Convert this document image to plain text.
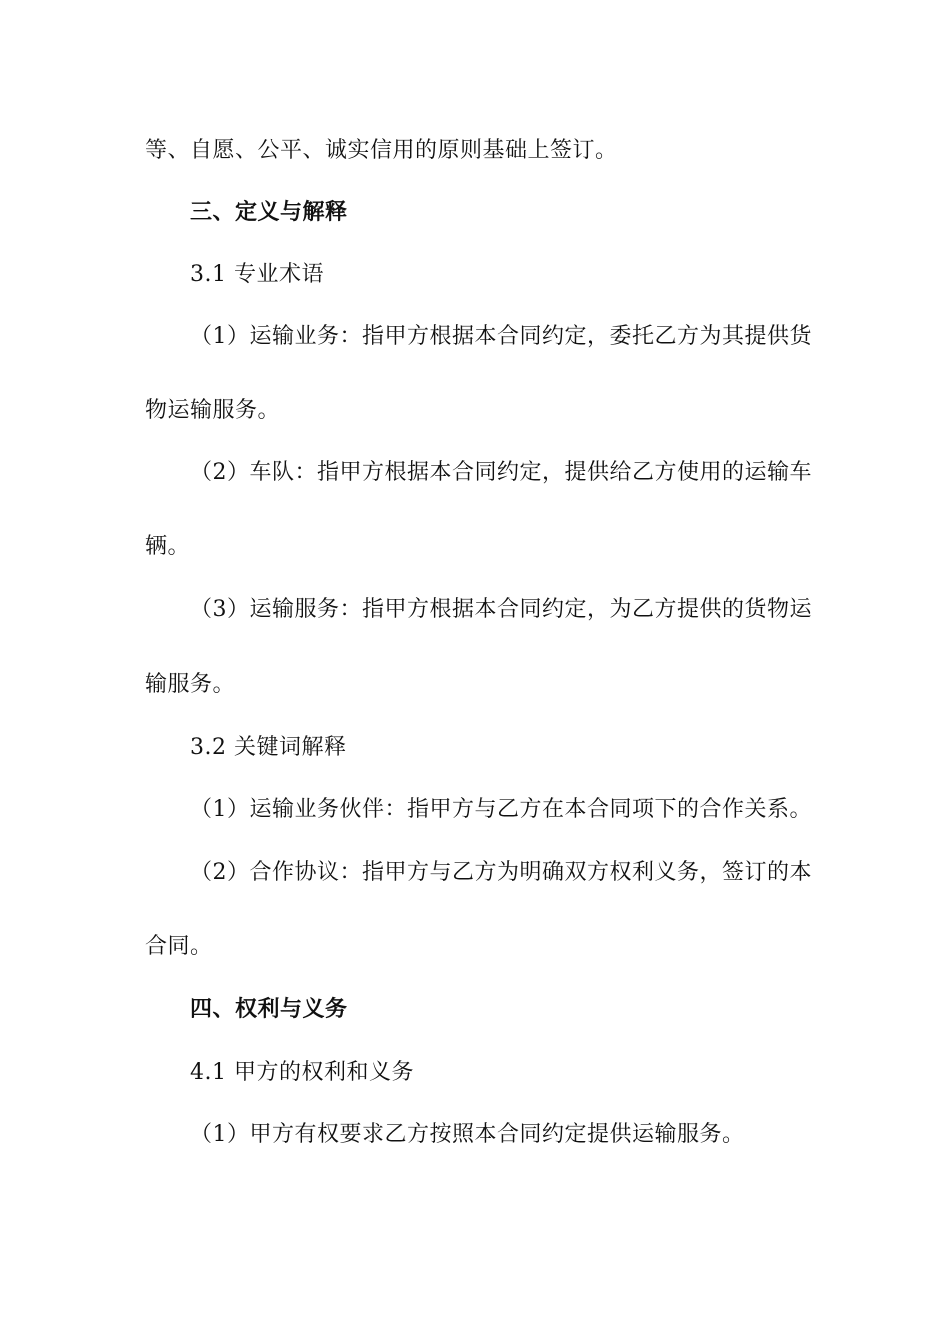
等、自愿、公平、诚实信用的原则基础上签订。
三、定义与解释
3.1 专业术语
（1）运输业务：指甲方根据本合同约定，委托乙方为其提供货
物运输服务。
（2）车队：指甲方根据本合同约定，提供给乙方使用的运输车
辆。
（3）运输服务：指甲方根据本合同约定，为乙方提供的货物运
输服务。
3.2 关键词解释
（1）运输业务伙伴：指甲方与乙方在本合同项下的合作关系。
（2）合作协议：指甲方与乙方为明确双方权利义务，签订的本
合同。
四、权利与义务
4.1 甲方的权利和义务
（1）甲方有权要求乙方按照本合同约定提供运输服务。
